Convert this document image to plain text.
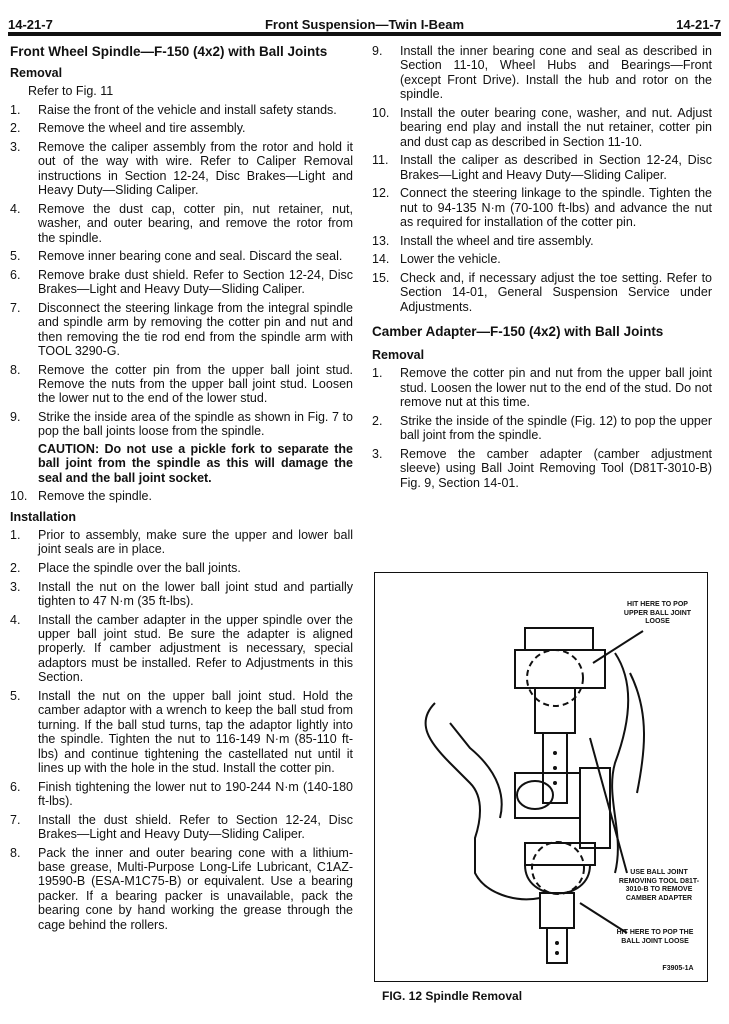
14-21-7	Front Suspension—Twin I-Beam	14-21-7
Front Wheel Spindle—F-150 (4x2) with Ball Joints
Removal
Refer to Fig. 11
1.	Raise the front of the vehicle and install safety stands.
2.	Remove the wheel and tire assembly.
3.	Remove the caliper assembly from the rotor and hold it out of the way with wire. Refer to Caliper Removal instructions in Section 12-24, Disc Brakes—Light and Heavy Duty—Sliding Caliper.
4.	Remove the dust cap, cotter pin, nut retainer, nut, washer, and outer bearing, and remove the rotor from the spindle.
5.	Remove inner bearing cone and seal. Discard the seal.
6.	Remove brake dust shield. Refer to Section 12-24, Disc Brakes—Light and Heavy Duty—Sliding Caliper.
7.	Disconnect the steering linkage from the integral spindle and spindle arm by removing the cotter pin and nut and then removing the tie rod end from the spindle arm with TOOL 3290-G.
8.	Remove the cotter pin from the upper ball joint stud. Remove the nuts from the upper ball joint stud. Loosen the lower nut to the end of the lower stud.
9.	Strike the inside area of the spindle as shown in Fig. 7 to pop the ball joints loose from the spindle.
CAUTION: Do not use a pickle fork to separate the ball joint from the spindle as this will damage the seal and the ball joint socket.
10. Remove the spindle.
Installation
1.	Prior to assembly, make sure the upper and lower ball joint seals are in place.
2.	Place the spindle over the ball joints.
3.	Install the nut on the lower ball joint stud and partially tighten to 47 N·m (35 ft-lbs).
4.	Install the camber adapter in the upper spindle over the upper ball joint stud. Be sure the adapter is aligned properly. If camber adjustment is necessary, special adaptors must be installed. Refer to Adjustments in this Section.
5.	Install the nut on the upper ball joint stud. Hold the camber adaptor with a wrench to keep the ball stud from turning. If the ball stud turns, tap the adaptor lightly into the spindle. Tighten the nut to 116-149 N·m (85-110 ft-lbs) and continue tightening the castellated nut until it lines up with the hole in the stud. Install the cotter pin.
6.	Finish tightening the lower nut to 190-244 N·m (140-180 ft-lbs).
7.	Install the dust shield. Refer to Section 12-24, Disc Brakes—Light and Heavy Duty—Sliding Caliper.
8.	Pack the inner and outer bearing cone with a lithium-base grease, Multi-Purpose Long-Life Lubricant, C1AZ-19590-B (ESA-M1C75-B) or equivalent. Use a bearing packer. If a bearing packer is unavailable, pack the bearing cone by hand working the grease through the cage behind the rollers.
9.	Install the inner bearing cone and seal as described in Section 11-10, Wheel Hubs and Bearings—Front (except Front Drive). Install the hub and rotor on the spindle.
10. Install the outer bearing cone, washer, and nut. Adjust bearing end play and install the nut retainer, cotter pin and dust cap as described in Section 11-10.
11. Install the caliper as described in Section 12-24, Disc Brakes—Light and Heavy Duty—Sliding Caliper.
12. Connect the steering linkage to the spindle. Tighten the nut to 94-135 N·m (70-100 ft-lbs) and advance the nut as required for installation of the cotter pin.
13. Install the wheel and tire assembly.
14. Lower the vehicle.
15. Check and, if necessary adjust the toe setting. Refer to Section 14-01, General Suspension Service under Adjustments.
Camber Adapter—F-150 (4x2) with Ball Joints
Removal
1.	Remove the cotter pin and nut from the upper ball joint stud. Loosen the lower nut to the end of the stud. Do not remove nut at this time.
2.	Strike the inside of the spindle (Fig. 12) to pop the upper ball joint from the spindle.
3.	Remove the camber adapter (camber adjustment sleeve) using Ball Joint Removing Tool (D81T-3010-B) Fig. 9, Section 14-01.
HIT HERE TO POP UPPER BALL JOINT LOOSE
USE BALL JOINT REMOVING TOOL D81T-3010-B TO REMOVE CAMBER ADAPTER
HIT HERE TO POP THE BALL JOINT LOOSE
F3905-1A
FIG. 12 Spindle Removal
